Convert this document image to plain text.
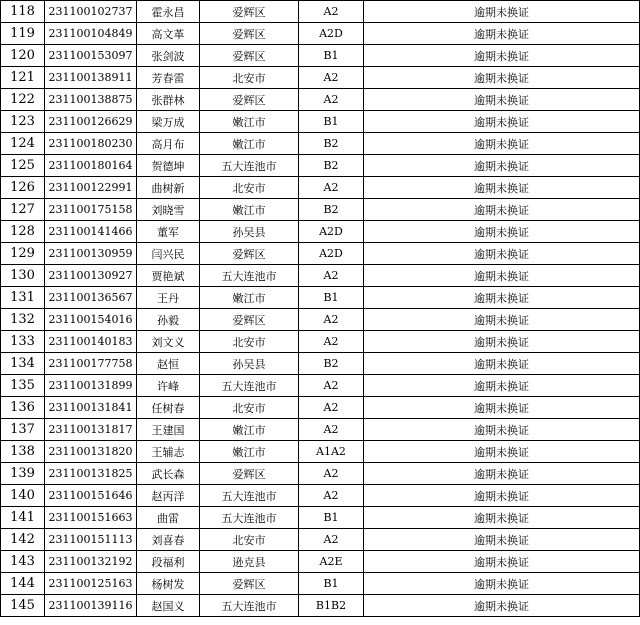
118	231100102737	霍永昌	爱辉区	A2	逾期未换证
119	231100104849	高文革	爱辉区	A2D	逾期未换证
120	231100153097	张剑波	爱辉区	B1	逾期未换证
121	231100138911	芳春雷	北安市	A2	逾期未换证
122	231100138875	张群林	爱辉区	A2	逾期未换证
123	231100126629	梁万成	嫩江市	B1	逾期未换证
124	231100180230	高月布	嫩江市	B2	逾期未换证
125	231100180164	贺德坤	五大连池市	B2	逾期未换证
126	231100122991	曲树新	北安市	A2	逾期未换证
127	231100175158	刘晓雪	嫩江市	B2	逾期未换证
128	231100141466	董军	孙吴县	A2D	逾期未换证
129	231100130959	闫兴民	爱辉区	A2D	逾期未换证
130	231100130927	贾艳斌	五大连池市	A2	逾期未换证
131	231100136567	王丹	嫩江市	B1	逾期未换证
132	231100154016	孙毅	爱辉区	A2	逾期未换证
133	231100140183	刘文义	北安市	A2	逾期未换证
134	231100177758	赵恒	孙吴县	B2	逾期未换证
135	231100131899	许峰	五大连池市	A2	逾期未换证
136	231100131841	任树春	北安市	A2	逾期未换证
137	231100131817	王建国	嫩江市	A2	逾期未换证
138	231100131820	王辅志	嫩江市	A1A2	逾期未换证
139	231100131825	武长森	爱辉区	A2	逾期未换证
140	231100151646	赵丙洋	五大连池市	A2	逾期未换证
141	231100151663	曲雷	五大连池市	B1	逾期未换证
142	231100151113	刘喜春	北安市	A2	逾期未换证
143	231100132192	段福利	逊克县	A2E	逾期未换证
144	231100125163	杨树发	爱辉区	B1	逾期未换证
145	231100139116	赵国义	五大连池市	B1B2	逾期未换证
